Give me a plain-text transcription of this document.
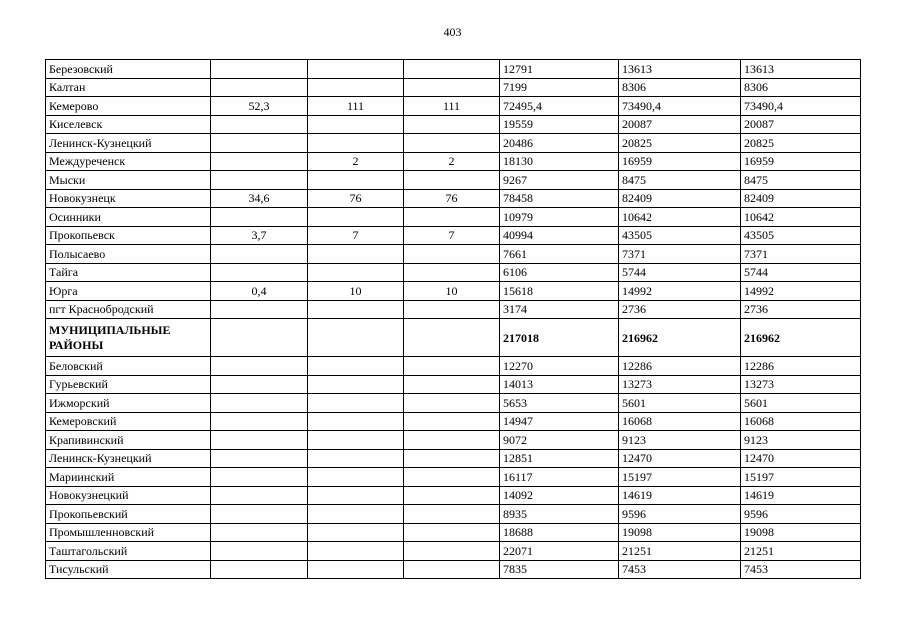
403
Березовский				12791	13613	13613
Калтан				7199	8306	8306
Кемерово	52,3	111	111	72495,4	73490,4	73490,4
Киселевск				19559	20087	20087
Ленинск-Кузнецкий				20486	20825	20825
Междуреченск		2	2	18130	16959	16959
Мыски				9267	8475	8475
Новокузнецк	34,6	76	76	78458	82409	82409
Осинники				10979	10642	10642
Прокопьевск	3,7	7	7	40994	43505	43505
Полысаево				7661	7371	7371
Тайга				6106	5744	5744
Юрга	0,4	10	10	15618	14992	14992
пгт Краснобродский				3174	2736	2736
МУНИЦИПАЛЬНЫЕ РАЙОНЫ				217018	216962	216962
Беловский				12270	12286	12286
Гурьевский				14013	13273	13273
Ижморский				5653	5601	5601
Кемеровский				14947	16068	16068
Крапивинский				9072	9123	9123
Ленинск-Кузнецкий				12851	12470	12470
Мариинский				16117	15197	15197
Новокузнецкий				14092	14619	14619
Прокопьевский				8935	9596	9596
Промышленновский				18688	19098	19098
Таштагольский				22071	21251	21251
Тисульский				7835	7453	7453
